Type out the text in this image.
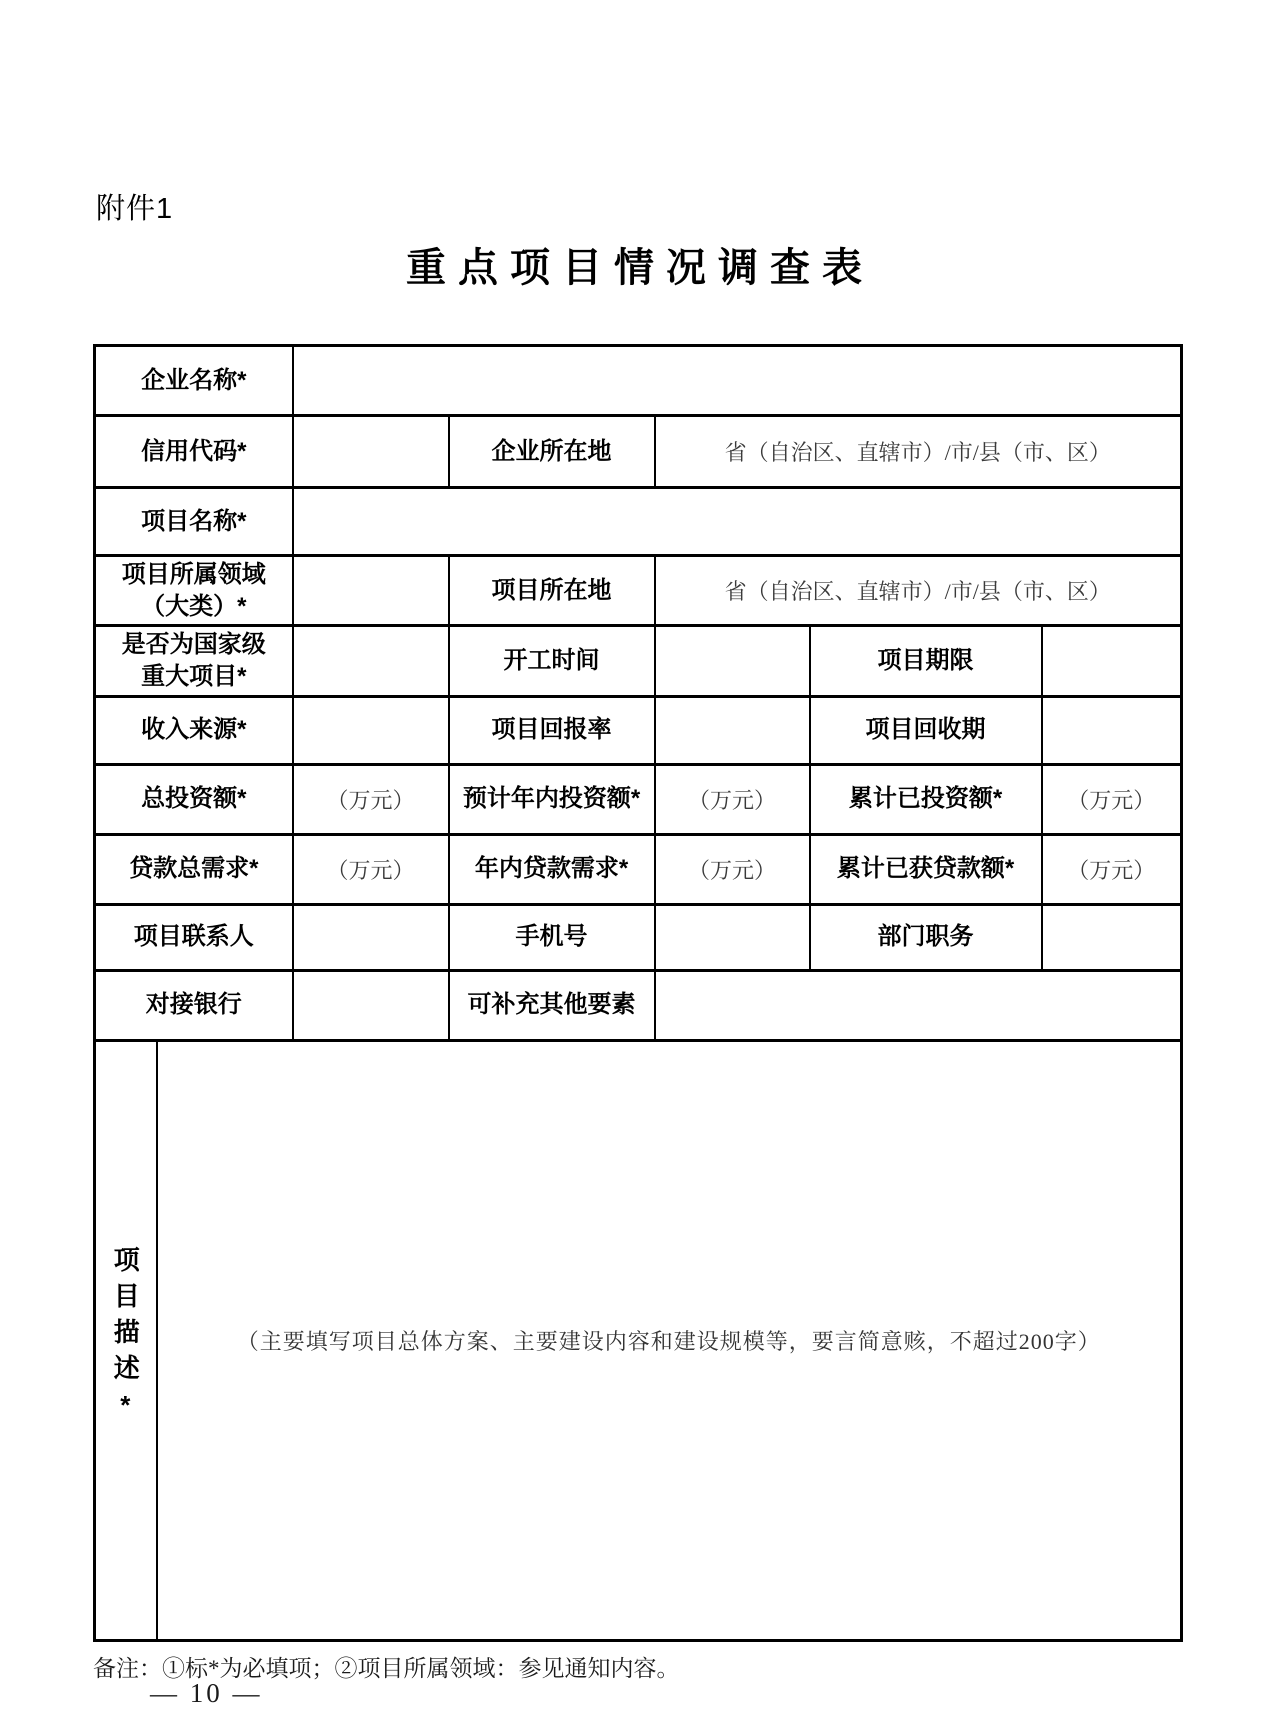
附件1
重点项目情况调查表
企业名称*						
信用代码*			企业所在地	省（自治区、直辖市）/市/县（市、区）		
项目名称*						
项目所属领域
（大类）*			项目所在地	省（自治区、直辖市）/市/县（市、区）		
是否为国家级
重大项目*			开工时间		项目期限	
收入来源*			项目回报率		项目回收期	
总投资额*		（万元）	预计年内投资额*	（万元）	累计已投资额*	（万元）
贷款总需求*		（万元）	年内贷款需求*	（万元）	累计已获贷款额*	（万元）
项目联系人			手机号		部门职务	
对接银行			可补充其他要素			
项目描述*	（主要填写项目总体方案、主要建设内容和建设规模等，要言简意赅，不超过200字）					
备注：①标*为必填项；②项目所属领域：参见通知内容。
— 10 —
